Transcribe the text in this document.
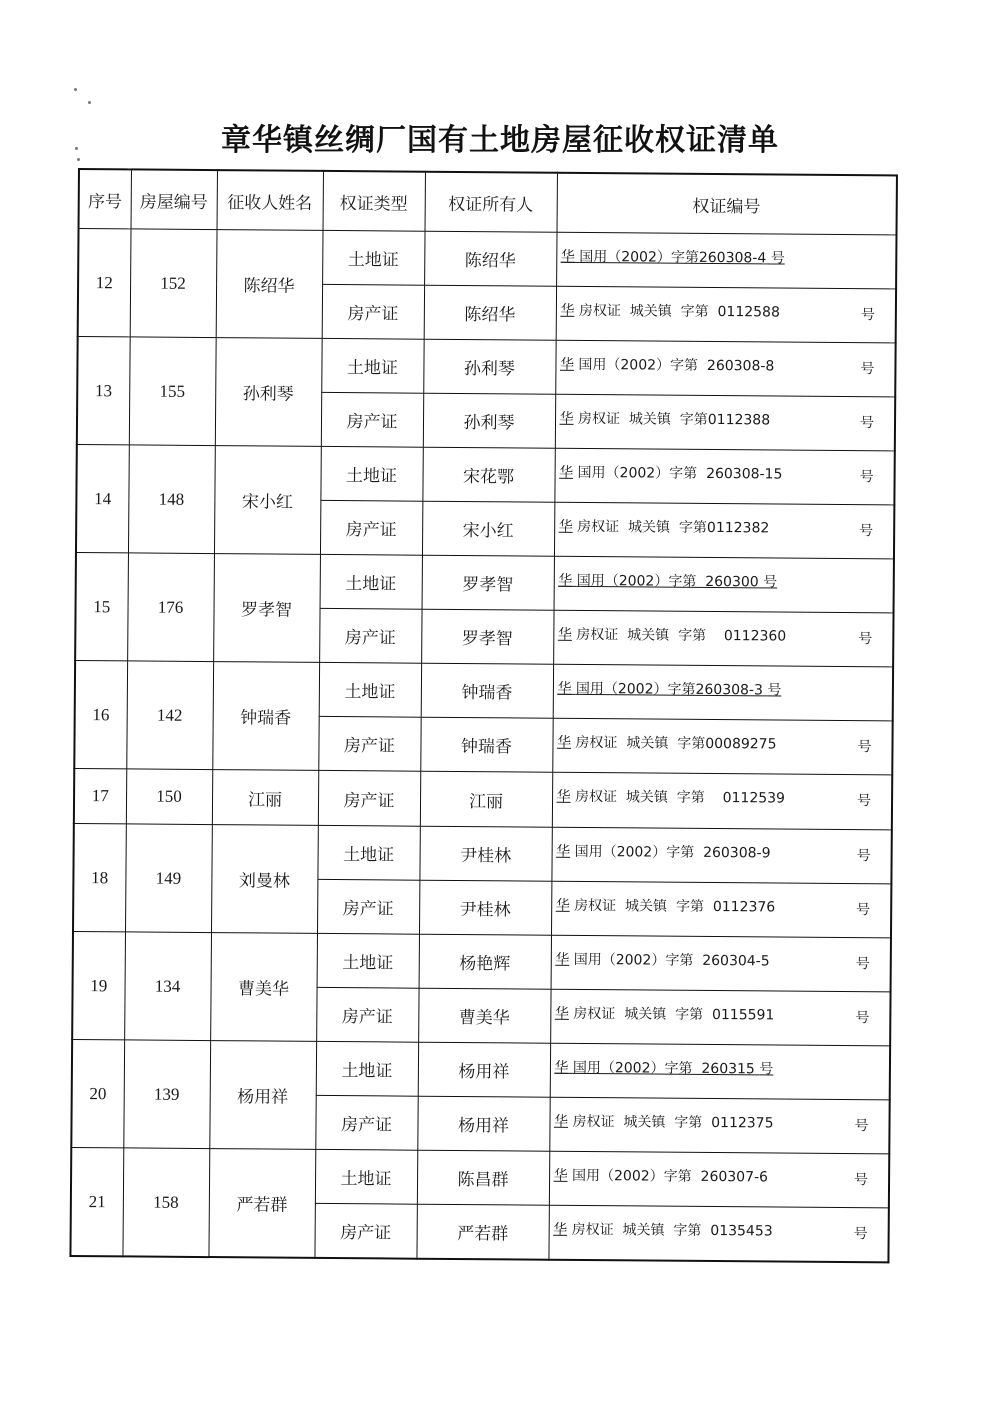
章华镇丝绸厂国有土地房屋征收权证清单
序号	房屋编号	征收人姓名	权证类型	权证所有人	权证编号
12	152	陈绍华	土地证	陈绍华	华 国用（2002）字第260308-4 号
			房产证	陈绍华	华 房权证  城关镇  字第  0112588 号

13	155	孙利琴	土地证	孙利琴	华 国用（2002）字第  260308-8 号

			房产证	孙利琴	华 房权证  城关镇  字第0112388 号

14	148	宋小红	土地证	宋花鄂	华 国用（2002）字第  260308-15 号

			房产证	宋小红	华 房权证  城关镇  字第0112382 号

15	176	罗孝智	土地证	罗孝智	华 国用（2002）字第  260300 号
			房产证	罗孝智	华 房权证  城关镇  字第    0112360 号

16	142	钟瑞香	土地证	钟瑞香	华 国用（2002）字第260308-3 号
			房产证	钟瑞香	华 房权证  城关镇  字第00089275 号

17	150	江丽	房产证	江丽	华 房权证  城关镇  字第    0112539 号

18	149	刘曼林	土地证	尹桂林	华 国用（2002）字第  260308-9 号

			房产证	尹桂林	华 房权证  城关镇  字第  0112376 号

19	134	曹美华	土地证	杨艳辉	华 国用（2002）字第  260304-5 号

			房产证	曹美华	华 房权证  城关镇  字第  0115591 号

20	139	杨用祥	土地证	杨用祥	华 国用（2002）字第  260315 号
			房产证	杨用祥	华 房权证  城关镇  字第  0112375 号

21	158	严若群	土地证	陈昌群	华 国用（2002）字第  260307-6 号

			房产证	严若群	华 房权证  城关镇  字第  0135453 号
